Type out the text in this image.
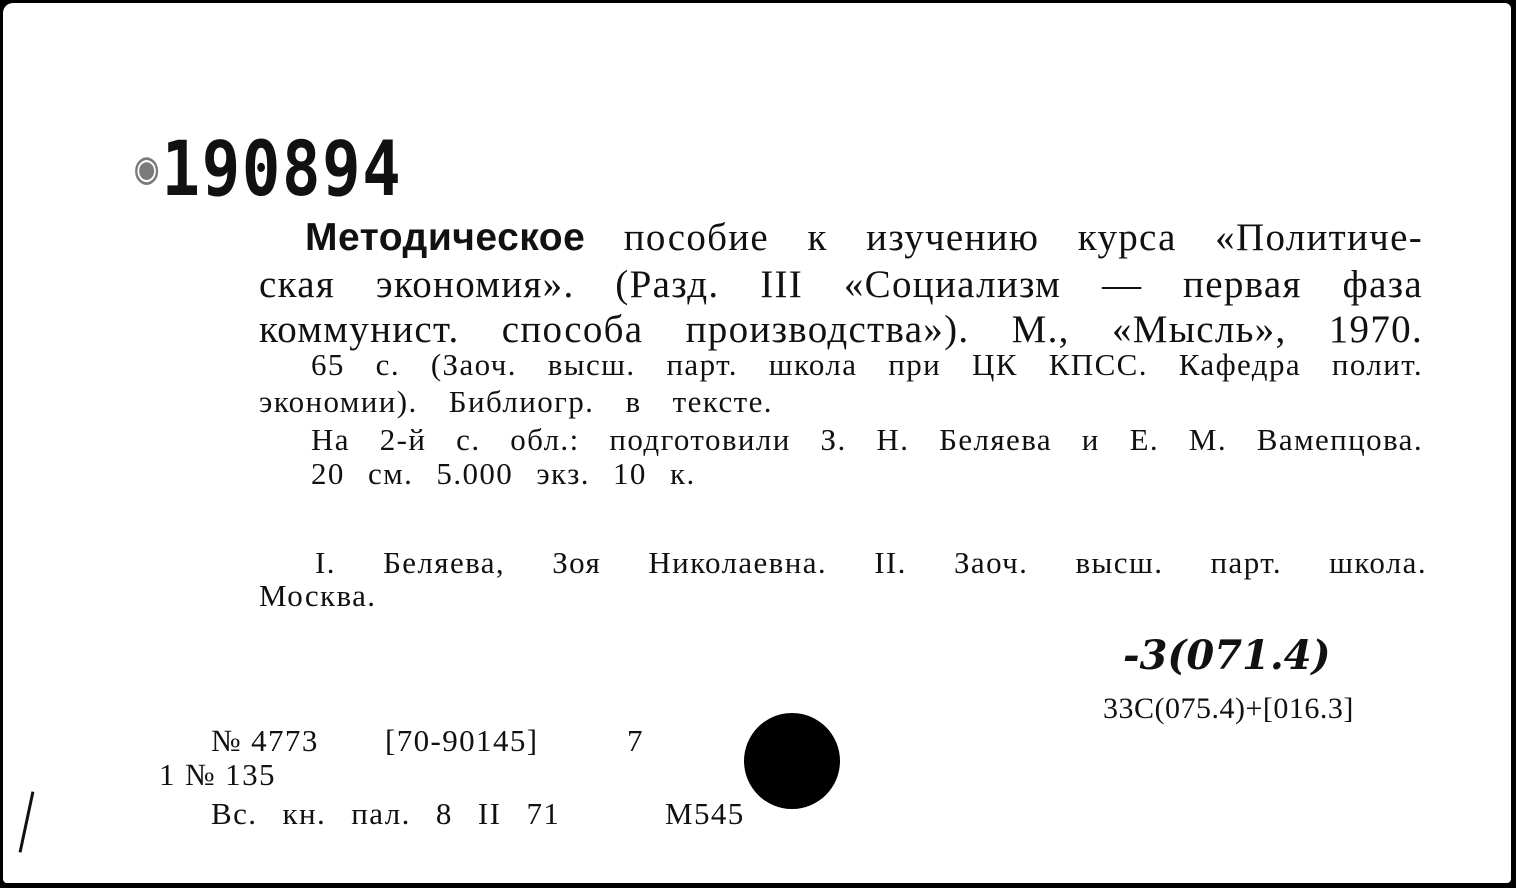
◉190894
Методическое пособие к изучению курса «Политиче-
ская экономия». (Разд. III «Социализм — первая фаза
коммунист. способа производства»). М., «Мысль», 1970.
65 с. (Заоч. высш. парт. школа при ЦК КПСС. Кафедра полит.
экономии). Библиогр. в тексте.
На 2-й с. обл.: подготовили З. Н. Беляева и Е. М. Вамепцова.
20 см. 5.000 экз. 10 к.
I. Беляева, Зоя Николаевна. II. Заоч. высш. парт. школа.
Москва.
-3(071.4)
33С(075.4)+[016.3]
№ 4773 [70-90145]	7
1 № 135
Вс. кн. пал. 8 II 71	М545
